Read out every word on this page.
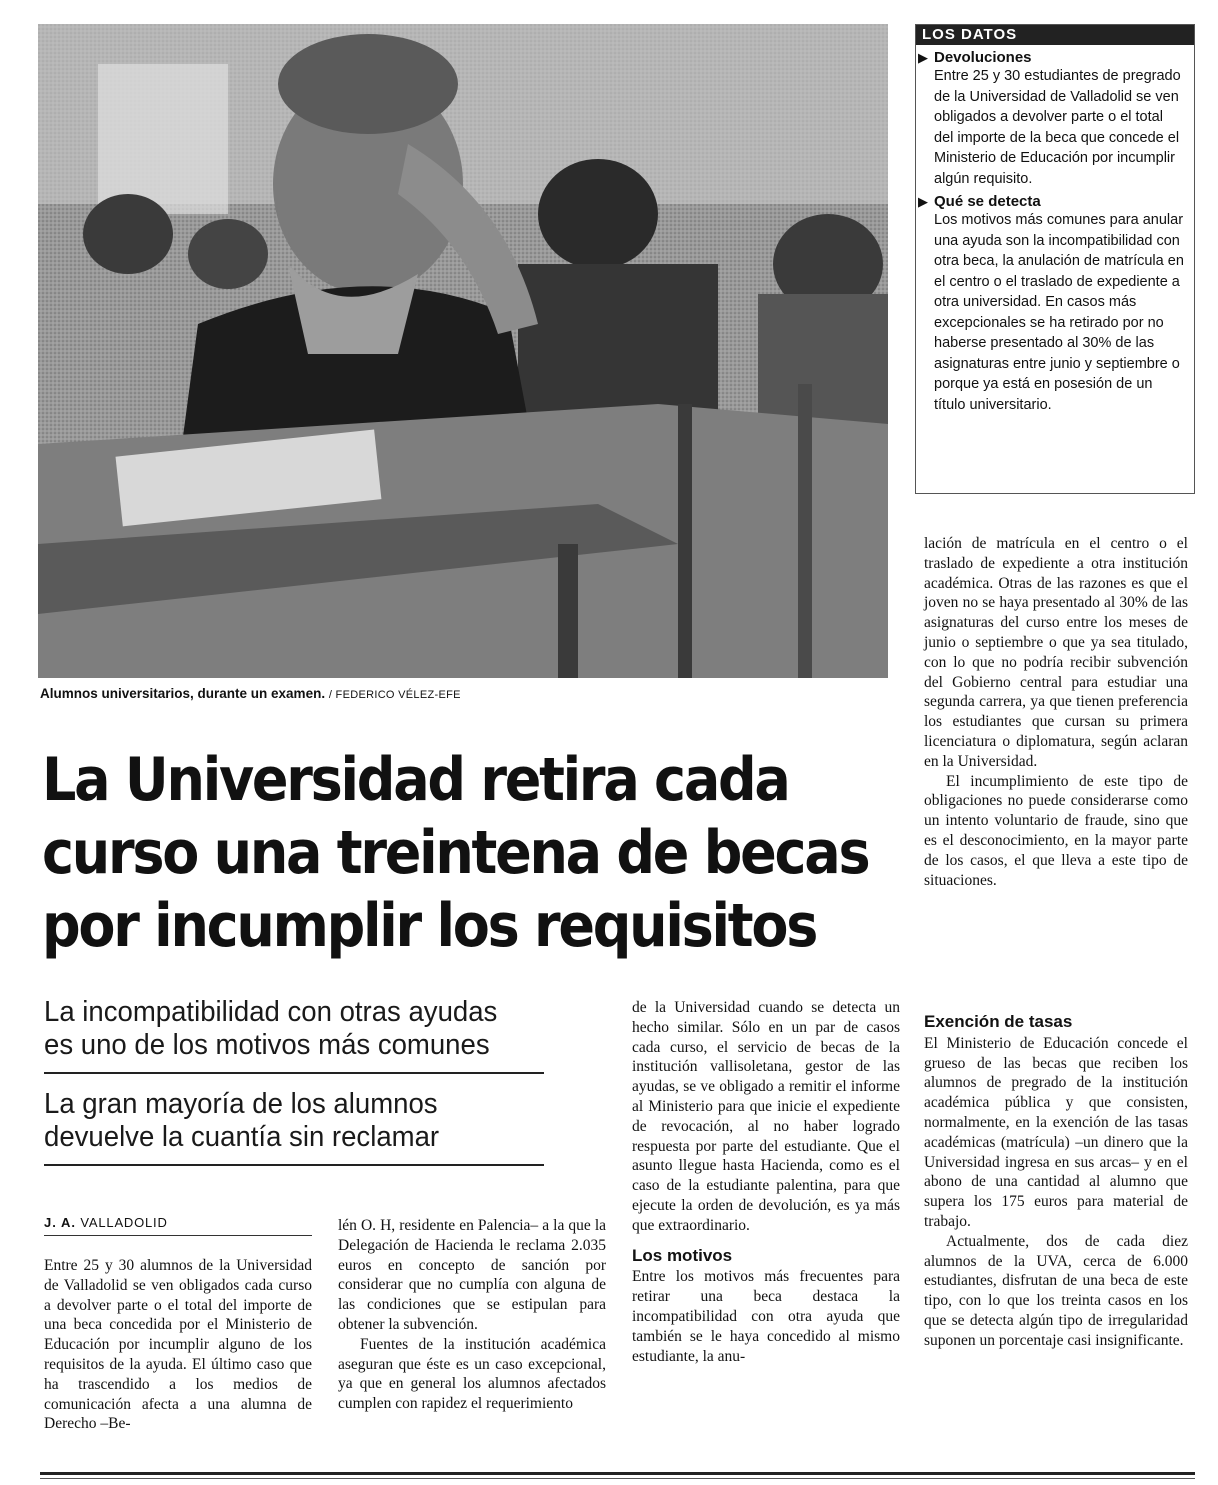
Alumnos universitarios, durante un examen. / FEDERICO VÉLEZ-EFE
La Universidad retira cada
curso una treintena de becas
por incumplir los requisitos
La incompatibilidad con otras ayudas
es uno de los motivos más comunes
La gran mayoría de los alumnos
devuelve la cuantía sin reclamar
J. A. VALLADOLID

Entre 25 y 30 alumnos de la Universidad de Valladolid se ven obligados cada curso a devolver parte o el total del importe de una beca concedida por el Ministerio de Educación por incumplir alguno de los requisitos de la ayuda. El último caso que ha trascendido a los medios de comunicación afecta a una alumna de Derecho –Be-

lén O. H, residente en Palencia– a la que la Delegación de Hacienda le reclama 2.035 euros en concepto de sanción por considerar que no cumplía con alguna de las condiciones que se estipulan para obtener la subvención.

Fuentes de la institución académica aseguran que éste es un caso excepcional, ya que en general los alumnos afectados cumplen con rapidez el requerimiento

de la Universidad cuando se detecta un hecho similar. Sólo en un par de casos cada curso, el servicio de becas de la institución vallisoletana, gestor de las ayudas, se ve obligado a remitir el informe al Ministerio para que inicie el expediente de revocación, al no haber logrado respuesta por parte del estudiante. Que el asunto llegue hasta Hacienda, como es el caso de la estudiante palentina, para que ejecute la orden de devolución, es ya más que extraordinario.

Los motivos

Entre los motivos más frecuentes para retirar una beca destaca la incompatibilidad con otra ayuda que también se le haya concedido al mismo estudiante, la anu-

lación de matrícula en el centro o el traslado de expediente a otra institución académica. Otras de las razones es que el joven no se haya presentado al 30% de las asignaturas del curso entre los meses de junio o septiembre o que ya sea titulado, con lo que no podría recibir subvención del Gobierno central para estudiar una segunda carrera, ya que tienen preferencia los estudiantes que cursan su primera licenciatura o diplomatura, según aclaran en la Universidad.

El incumplimiento de este tipo de obligaciones no puede considerarse como un intento voluntario de fraude, sino que es el desconocimiento, en la mayor parte de los casos, el que lleva a este tipo de situaciones.

Exención de tasas

El Ministerio de Educación concede el grueso de las becas que reciben los alumnos de pregrado de la institución académica pública y que consisten, normalmente, en la exención de las tasas académicas (matrícula) –un dinero que la Universidad ingresa en sus arcas– y en el abono de una cantidad al alumno que supera los 175 euros para material de trabajo.

Actualmente, dos de cada diez alumnos de la UVA, cerca de 6.000 estudiantes, disfrutan de una beca de este tipo, con lo que los treinta casos en los que se detecta algún tipo de irregularidad suponen un porcentaje casi insignificante.

LOS DATOS
▶ Devoluciones

Entre 25 y 30 estudiantes de pregrado de la Universidad de Valladolid se ven obligados a devolver parte o el total del importe de la beca que concede el Ministerio de Educación por incumplir algún requisito.

▶ Qué se detecta

Los motivos más comunes para anular una ayuda son la incompatibilidad con otra beca, la anulación de matrícula en el centro o el traslado de expediente a otra universidad. En casos más excepcionales se ha retirado por no haberse presentado al 30% de las asignaturas entre junio y septiembre o porque ya está en posesión de un título universitario.
